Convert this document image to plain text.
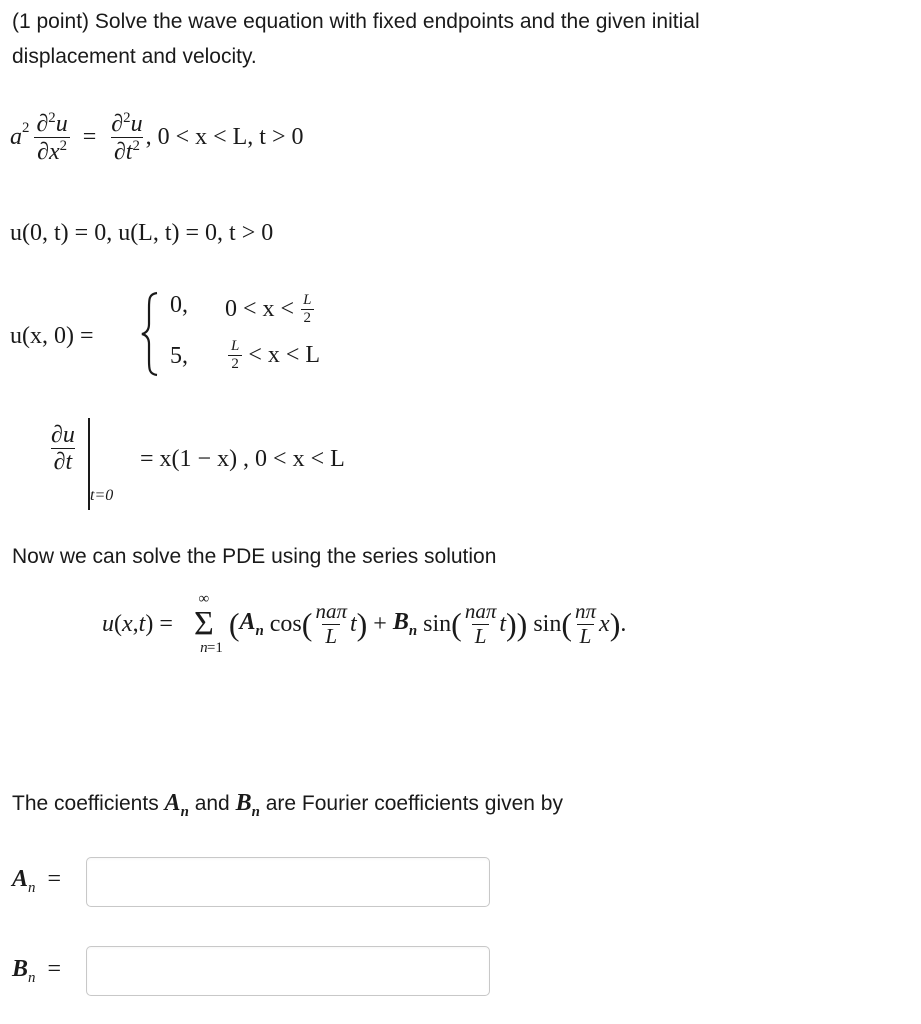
(1 point) Solve the wave equation with fixed endpoints and the given initial
displacement and velocity.
$a^2 \frac{\partial^2u}{\partial x^2} = \frac{\partial^2u}{\partial t^2}$ , 0 < x < L, t > 0
u(0, t) = 0, u(L, t) = 0, t > 0
u(x, 0) =
0, $0 < x < \frac{L}{2}$
5,	$\frac{L}{2} < x < L$
$\frac{\partial u}{\partial t}$
t=0
= x(1 − x) , 0 < x < L
Now we can solve the PDE using the series solution
u ( x , t ) =
∞
Σ
n =1
( $A_n$ cos ( $\frac{\text{naπ}}{L}$ t ) + $B_n$ sin ( $\frac{\text{naπ}}{L}$ t )) sin ( $\frac{n\pi}{L}$ x ) .
The coefficients
$A_n$
and
$B_n$
are Fourier coefficients given by
$A_n$  =
$B_n$  =
